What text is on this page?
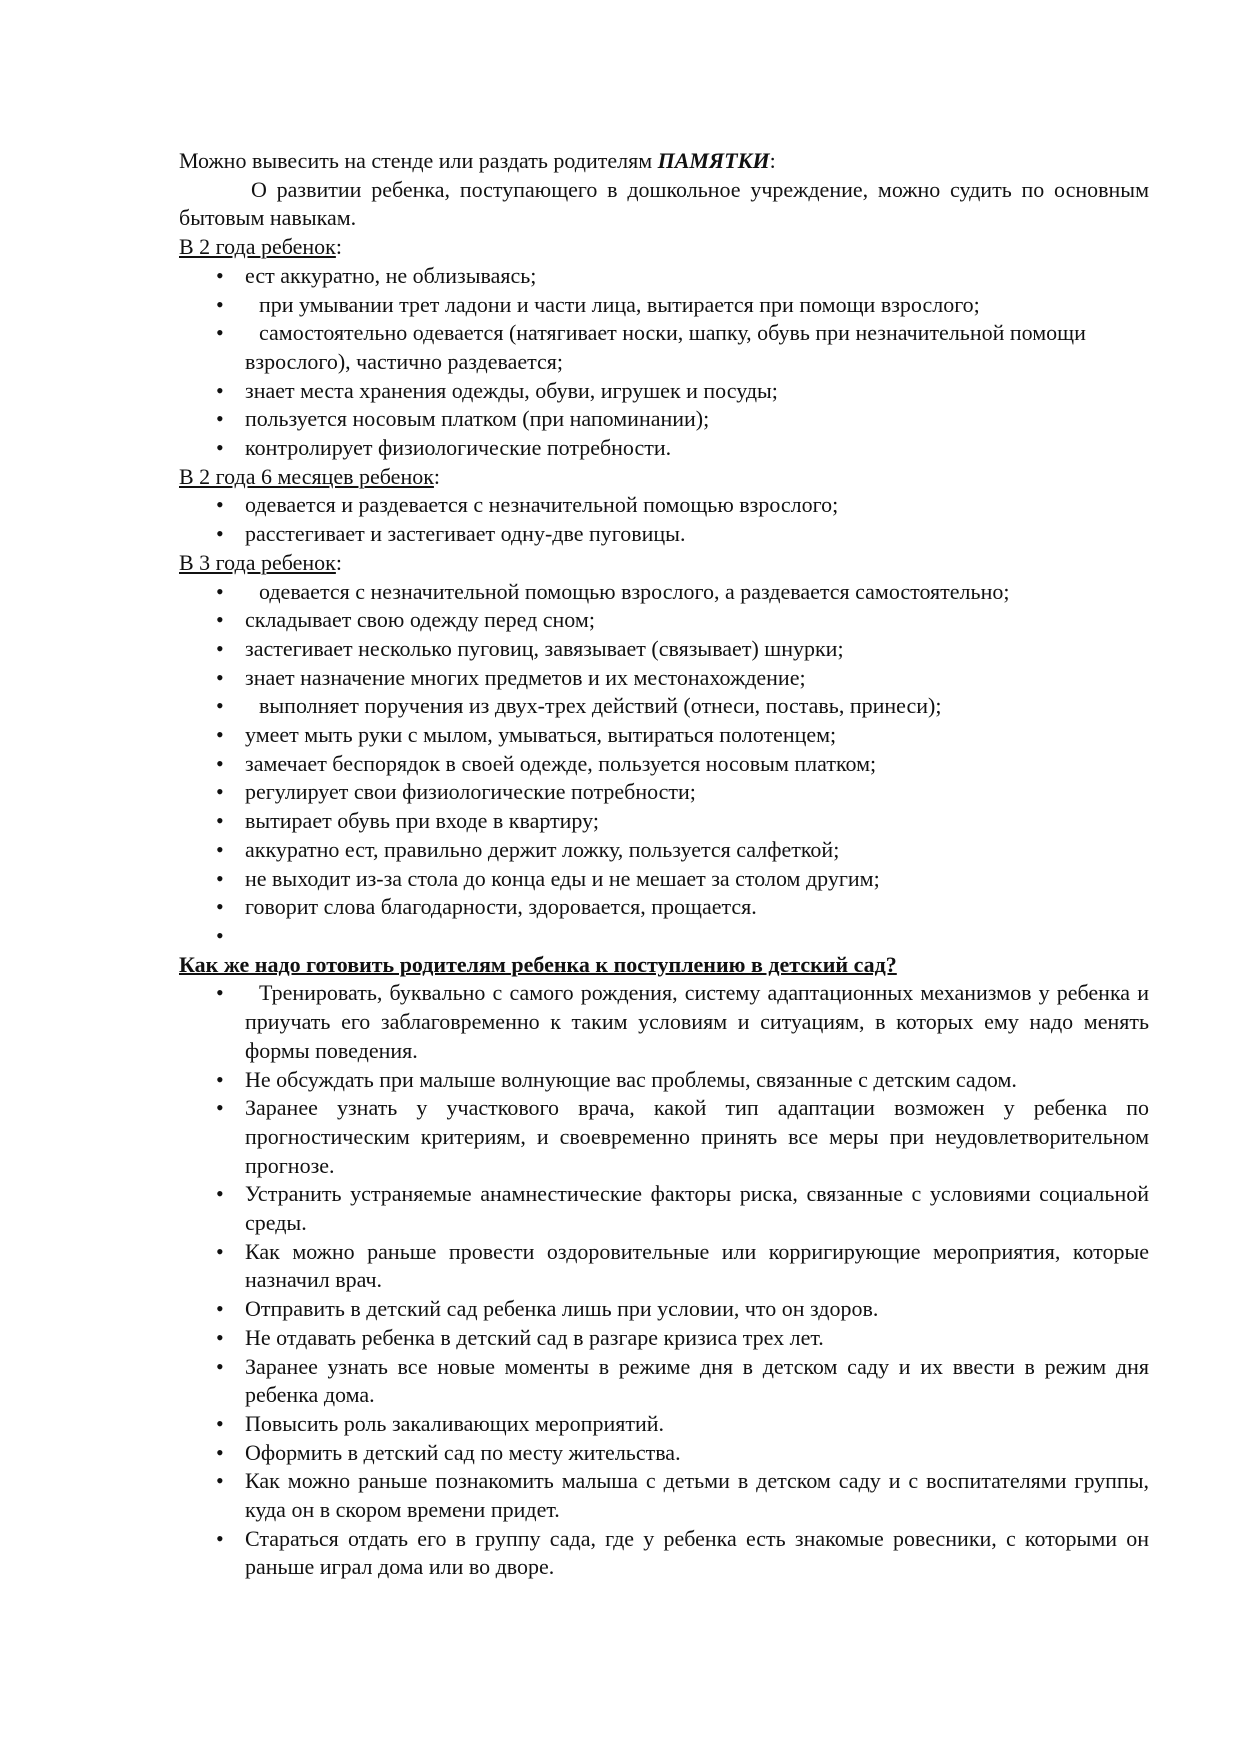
Можно вывесить на стенде или раздать родителям ПАМЯТКИ:

О развитии ребенка, поступающего в дошкольное учреждение, можно судить по основным бытовым навыкам.

В 2 года ребенок:

• ест аккуратно, не облизываясь;
•	при умывании трет ладони и части лица, вытирается при помощи взрослого;
•	самостоятельно одевается (натягивает носки, шапку, обувь при незначительной помощи взрослого), частично раздевается;
• знает места хранения одежды, обуви, игрушек и посуды;
• пользуется носовым платком (при напоминании);
• контролирует физиологические потребности.

В 2 года 6 месяцев ребенок:

• одевается и раздевается с незначительной помощью взрослого;
• расстегивает и застегивает одну-две пуговицы.

В 3 года ребенок:

•	одевается с незначительной помощью взрослого, а раздевается самостоятельно;
• складывает свою одежду перед сном;
• застегивает несколько пуговиц, завязывает (связывает) шнурки;
• знает назначение многих предметов и их местонахождение;
•	выполняет поручения из двух-трех действий (отнеси, поставь, принеси);
• умеет мыть руки с мылом, умываться, вытираться полотенцем;
• замечает беспорядок в своей одежде, пользуется носовым платком;
• регулирует свои физиологические потребности;
• вытирает обувь при входе в квартиру;
• аккуратно ест, правильно держит ложку, пользуется салфеткой;
• не выходит из-за стола до конца еды и не мешает за столом другим;
• говорит слова благодарности, здоровается, прощается.
•

Как же надо готовить родителям ребенка к поступлению в детский сад?

•	Тренировать, буквально с самого рождения, систему адаптационных механизмов у ребенка и приучать его заблаговременно к таким условиям и ситуациям, в которых ему надо менять формы поведения.
• Не обсуждать при малыше волнующие вас проблемы, связанные с детским садом.
• Заранее узнать у участкового врача, какой тип адаптации возможен у ребенка по прогностическим критериям, и своевременно принять все меры при неудовлетворительном прогнозе.
• Устранить устраняемые анамнестические факторы риска, связанные с условиями социальной среды.
• Как можно раньше провести оздоровительные или корригирующие мероприятия, которые назначил врач.
• Отправить в детский сад ребенка лишь при условии, что он здоров.
• Не отдавать ребенка в детский сад в разгаре кризиса трех лет.
• Заранее узнать все новые моменты в режиме дня в детском саду и их ввести в режим дня ребенка дома.
• Повысить роль закаливающих мероприятий.
• Оформить в детский сад по месту жительства.
• Как можно раньше познакомить малыша с детьми в детском саду и с воспитателями группы, куда он в скором времени придет.
• Стараться отдать его в группу сада, где у ребенка есть знакомые ровесники, с которыми он раньше играл дома или во дворе.
